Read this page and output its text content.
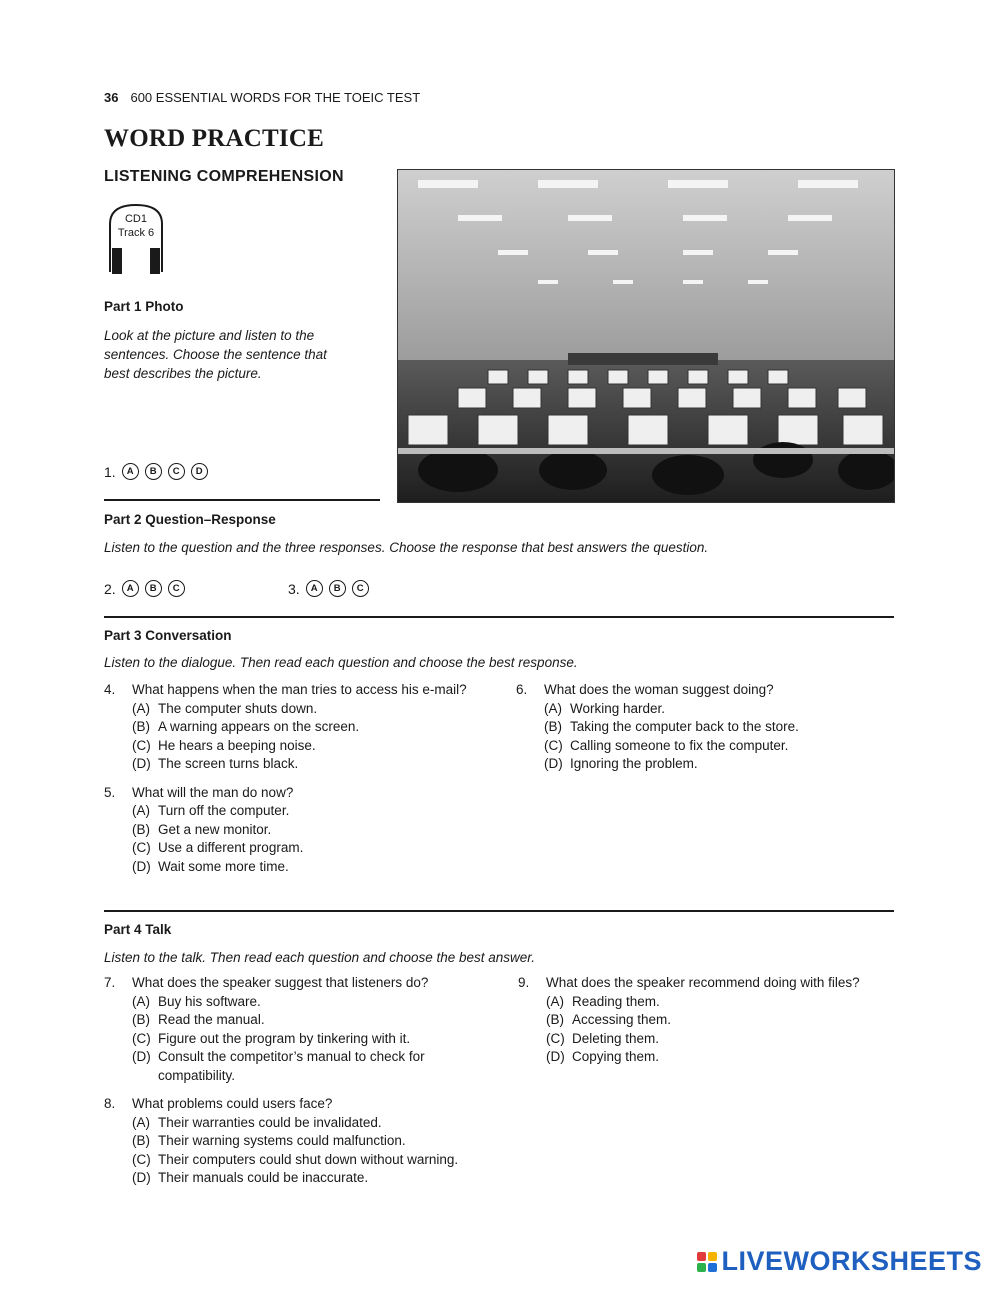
36 600 ESSENTIAL WORDS FOR THE TOEIC TEST
WORD PRACTICE
LISTENING COMPREHENSION
CD1
Track 6
Part 1 Photo
Look at the picture and listen to the sentences. Choose the sentence that best describes the picture.
1.	A	B	C	D
Part 2 Question–Response
Listen to the question and the three responses. Choose the response that best answers the question.
2.	A	B	C	3.	A	B	C
Part 3 Conversation
Listen to the dialogue. Then read each question and choose the best response.
4. What happens when the man tries to access his e-mail?
(A) The computer shuts down.
(B) A warning appears on the screen.
(C) He hears a beeping noise.
(D) The screen turns black.
5. What will the man do now?
(A) Turn off the computer.
(B) Get a new monitor.
(C) Use a different program.
(D) Wait some more time.
6. What does the woman suggest doing?
(A) Working harder.
(B) Taking the computer back to the store.
(C) Calling someone to fix the computer.
(D) Ignoring the problem.
Part 4 Talk
Listen to the talk. Then read each question and choose the best answer.
7. What does the speaker suggest that listeners do?
(A) Buy his software.
(B) Read the manual.
(C) Figure out the program by tinkering with it.
(D) Consult the competitor’s manual to check for compatibility.
8. What problems could users face?
(A) Their warranties could be invalidated.
(B) Their warning systems could malfunction.
(C) Their computers could shut down without warning.
(D) Their manuals could be inaccurate.
9. What does the speaker recommend doing with files?
(A) Reading them.
(B) Accessing them.
(C) Deleting them.
(D) Copying them.
LIVEWORKSHEETS
